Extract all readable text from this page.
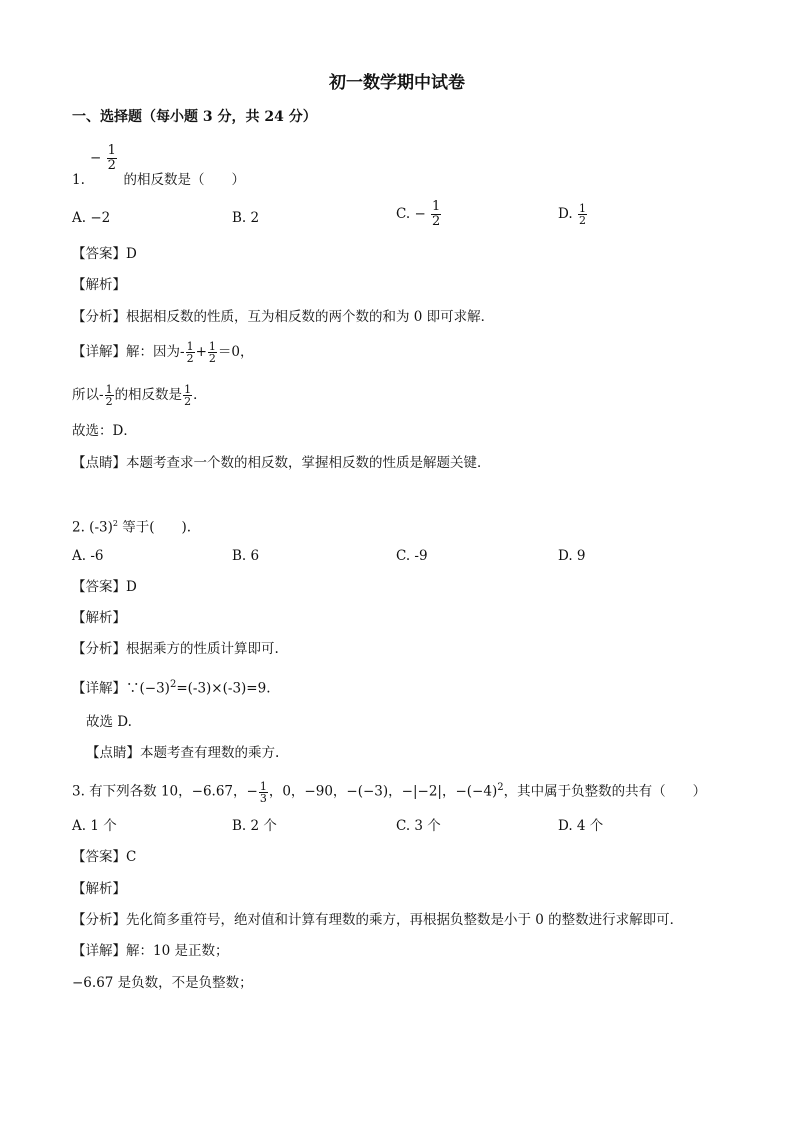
初一数学期中试卷
一、选择题（每小题 3 分，共 24 分）
− $\frac{1}{2}$
1.	的相反数是（　　）
A. −2	B. 2	C. − $\frac{1}{2}$	D. $\frac{1}{2}$
【答案】D
【解析】
【分析】根据相反数的性质，互为相反数的两个数的和为 0 即可求解．
【详解】解：因为- $\frac{1}{2} + \frac{1}{2} =0$，
所以- $\frac{1}{2}$ 的相反数是 $\frac{1}{2}$ ．
故选：D．
【点睛】本题考查求一个数的相反数，掌握相反数的性质是解题关键．
2. $(-3)^2$ 等于(　　).
A. -6	B. 6	C. -9	D. 9
【答案】D
【解析】
【分析】根据乘方的性质计算即可.
【详解】$\because(-3)^2=(-3)\times(-3)=9$.
故选 D.
【点睛】本题考查有理数的乘方.
3. 有下列各数 10，−6.67，− $\frac{1}{3}$ ，0，−90，−(−3)，−|−2|，$-(-4)^2$，其中属于负整数的共有（　　）
A. 1 个	B. 2 个	C. 3 个	D. 4 个
【答案】C
【解析】
【分析】先化简多重符号，绝对值和计算有理数的乘方，再根据负整数是小于 0 的整数进行求解即可．
【详解】解：10 是正数；
−6.67 是负数，不是负整数；
